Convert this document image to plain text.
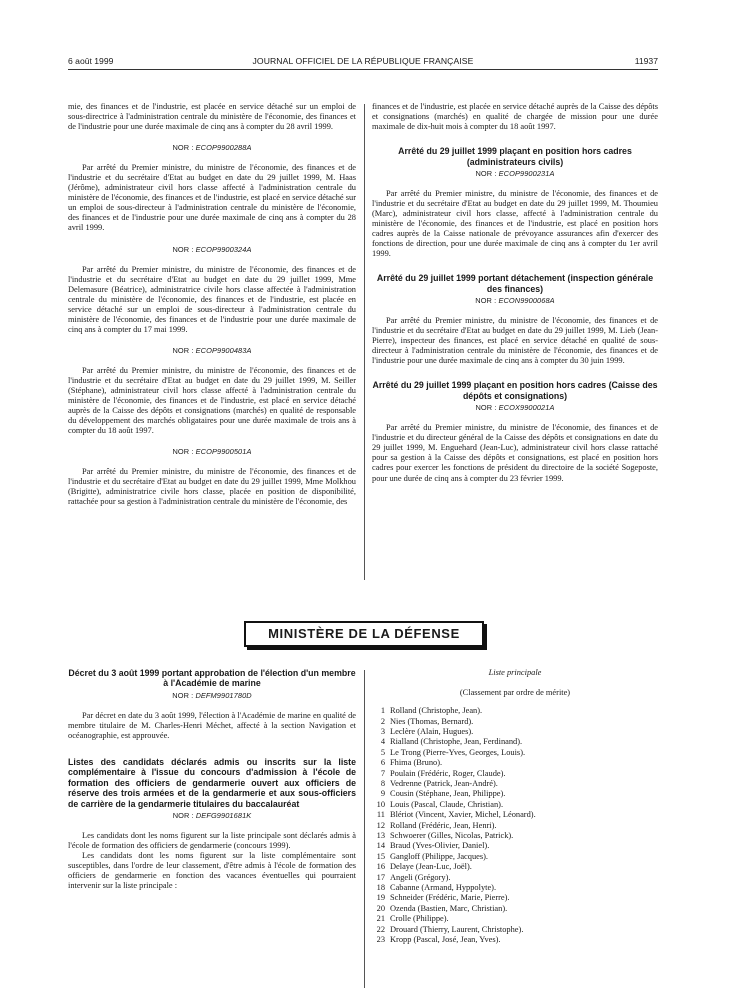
6 août 1999	JOURNAL OFFICIEL DE LA RÉPUBLIQUE FRANÇAISE	11937

mie, des finances et de l'industrie, est placée en service détaché sur un emploi de sous-directrice à l'administration centrale du ministère de l'économie, des finances et de l'industrie pour une durée maximale de cinq ans à compter du 28 avril 1999.

NOR : ECOP9900288A

Par arrêté du Premier ministre, du ministre de l'économie, des finances et de l'industrie et du secrétaire d'Etat au budget en date du 29 juillet 1999, M. Haas (Jérôme), administrateur civil hors classe affecté à l'administration centrale du ministère de l'économie, des finances et de l'industrie, est placé en service détaché sur un emploi de sous-directeur à l'administration centrale du ministère de l'économie, des finances et de l'industrie pour une durée maximale de cinq ans à compter du 28 avril 1999.

NOR : ECOP9900324A

Par arrêté du Premier ministre, du ministre de l'économie, des finances et de l'industrie et du secrétaire d'Etat au budget en date du 29 juillet 1999, Mme Delemasure (Béatrice), administratrice civile hors classe affectée à l'administration centrale du ministère de l'économie, des finances et de l'industrie, est placée en service détaché sur un emploi de sous-directeur à l'administration centrale du ministère de l'économie, des finances et de l'industrie pour une durée maximale de cinq ans à compter du 17 mai 1999.

NOR : ECOP9900483A

Par arrêté du Premier ministre, du ministre de l'économie, des finances et de l'industrie et du secrétaire d'Etat au budget en date du 29 juillet 1999, M. Seiller (Stéphane), administrateur civil hors classe affecté à l'administration centrale du ministère de l'économie, des finances et de l'industrie, est placé en service détaché auprès de la Caisse des dépôts et consignations (marchés) en qualité de responsable du développement des marchés obligataires pour une durée maximale de trois ans à compter du 18 août 1997.

NOR : ECOP9900501A

Par arrêté du Premier ministre, du ministre de l'économie, des finances et de l'industrie et du secrétaire d'Etat au budget en date du 29 juillet 1999, Mme Molkhou (Brigitte), administratrice civile hors classe, placée en position de disponibilité, rattachée pour sa gestion à l'administration centrale du ministère de l'économie, des

finances et de l'industrie, est placée en service détaché auprès de la Caisse des dépôts et consignations (marchés) en qualité de chargée de mission pour une durée maximale de dix-huit mois à compter du 18 août 1997.

Arrêté du 29 juillet 1999 plaçant en position hors cadres (administrateurs civils)
NOR : ECOP9900231A

Par arrêté du Premier ministre, du ministre de l'économie, des finances et de l'industrie et du secrétaire d'Etat au budget en date du 29 juillet 1999, M. Thoumieu (Marc), administrateur civil hors classe, affecté à l'administration centrale du ministère de l'économie, des finances et de l'industrie, est placé en position hors cadres auprès de la Caisse nationale de prévoyance assurances afin d'exercer des fonctions de direction, pour une durée maximale de cinq ans à compter du 1er avril 1999.

Arrêté du 29 juillet 1999 portant détachement (inspection générale des finances)
NOR : ECON9900068A

Par arrêté du Premier ministre, du ministre de l'économie, des finances et de l'industrie et du secrétaire d'Etat au budget en date du 29 juillet 1999, M. Lieb (Jean-Pierre), inspecteur des finances, est placé en service détaché en qualité de sous-directeur à l'administration centrale du ministère de l'économie, des finances et de l'industrie pour une durée maximale de cinq ans à compter du 30 juin 1999.

Arrêté du 29 juillet 1999 plaçant en position hors cadres (Caisse des dépôts et consignations)
NOR : ECOX9900021A

Par arrêté du Premier ministre, du ministre de l'économie, des finances et de l'industrie et du directeur général de la Caisse des dépôts et consignations en date du 29 juillet 1999, M. Enguehard (Jean-Luc), administrateur civil hors classe rattaché pour sa gestion à la Caisse des dépôts et consignations, est placé en position hors cadres pour exercer les fonctions de président du directoire de la société Sogeposte, pour une durée de cinq ans à compter du 23 février 1999.

MINISTÈRE DE LA DÉFENSE
Décret du 3 août 1999 portant approbation de l'élection d'un membre à l'Académie de marine
NOR : DEFM9901780D

Par décret en date du 3 août 1999, l'élection à l'Académie de marine en qualité de membre titulaire de M. Charles-Henri Méchet, affecté à la section Navigation et océanographie, est approuvée.

Listes des candidats déclarés admis ou inscrits sur la liste complémentaire à l'issue du concours d'admission à l'école de formation des officiers de gendarmerie ouvert aux officiers de réserve des trois armées et de la gendarmerie et aux sous-officiers de carrière de la gendarmerie titulaires du baccalauréat
NOR : DEFG9901681K

Les candidats dont les noms figurent sur la liste principale sont déclarés admis à l'école de formation des officiers de gendarmerie (concours 1999).

Les candidats dont les noms figurent sur la liste complémentaire sont susceptibles, dans l'ordre de leur classement, d'être admis à l'école de formation des officiers de gendarmerie en fonction des vacances éventuelles qui pourraient intervenir sur la liste principale :

Liste principale
(Classement par ordre de mérite)
1 Rolland (Christophe, Jean).
2 Nies (Thomas, Bernard).
3 Leclère (Alain, Hugues).
4 Rialland (Christophe, Jean, Ferdinand).
5 Le Trong (Pierre-Yves, Georges, Louis).
6 Fhima (Bruno).
7 Poulain (Frédéric, Roger, Claude).
8 Vedrenne (Patrick, Jean-André).
9 Cousin (Stéphane, Jean, Philippe).
10 Louis (Pascal, Claude, Christian).
11 Blériot (Vincent, Xavier, Michel, Léonard).
12 Rolland (Frédéric, Jean, Henri).
13 Schwoerer (Gilles, Nicolas, Patrick).
14 Braud (Yves-Olivier, Daniel).
15 Gangloff (Philippe, Jacques).
16 Delaye (Jean-Luc, Joël).
17 Angeli (Grégory).
18 Cabanne (Armand, Hyppolyte).
19 Schneider (Frédéric, Marie, Pierre).
20 Ozenda (Bastien, Marc, Christian).
21 Crolle (Philippe).
22 Drouard (Thierry, Laurent, Christophe).
23 Kropp (Pascal, José, Jean, Yves).
